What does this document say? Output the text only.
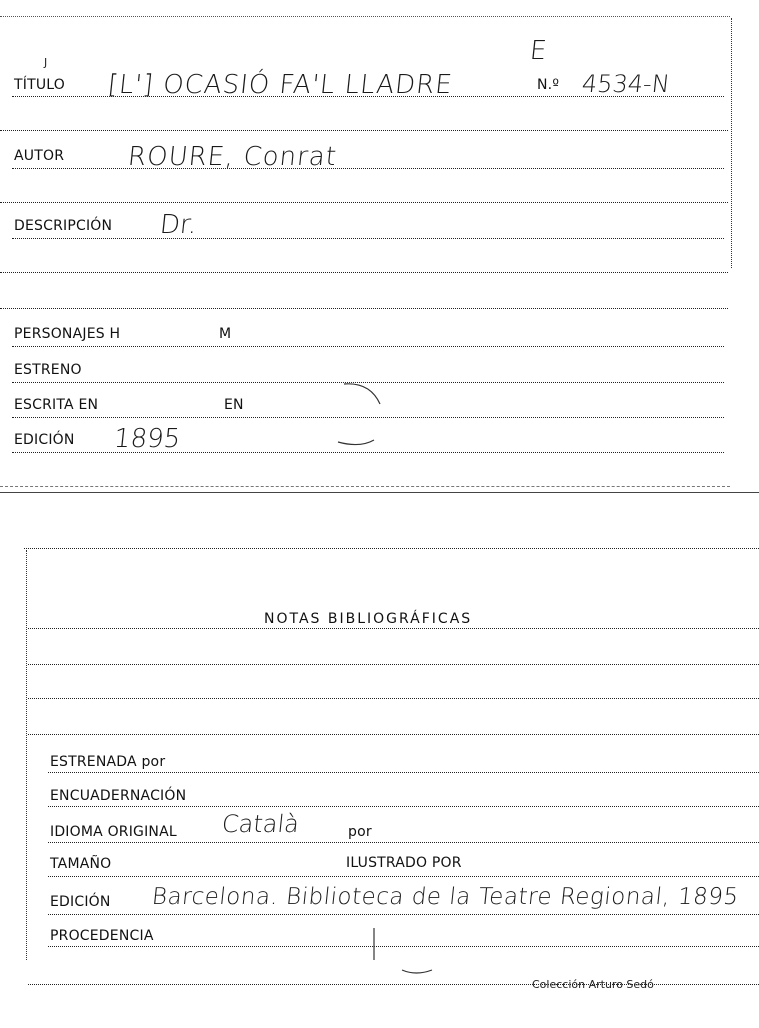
J
TÍTULO [L'] OCASIÓ FA'L LLADRE
E
N.º 4534-N
AUTOR ROURE, Conrat
DESCRIPCIÓN Dr.
PERSONAJES H	M
ESTRENO
ESCRITA EN	EN
EDICIÓN 1895
NOTAS BIBLIOGRÁFICAS
ESTRENADA por
ENCUADERNACIÓN
IDIOMA ORIGINAL Català	por
TAMAÑO	ILUSTRADO POR
EDICIÓN Barcelona. Biblioteca de la Teatre Regional, 1895
PROCEDENCIA
Colección Arturo Sedó
